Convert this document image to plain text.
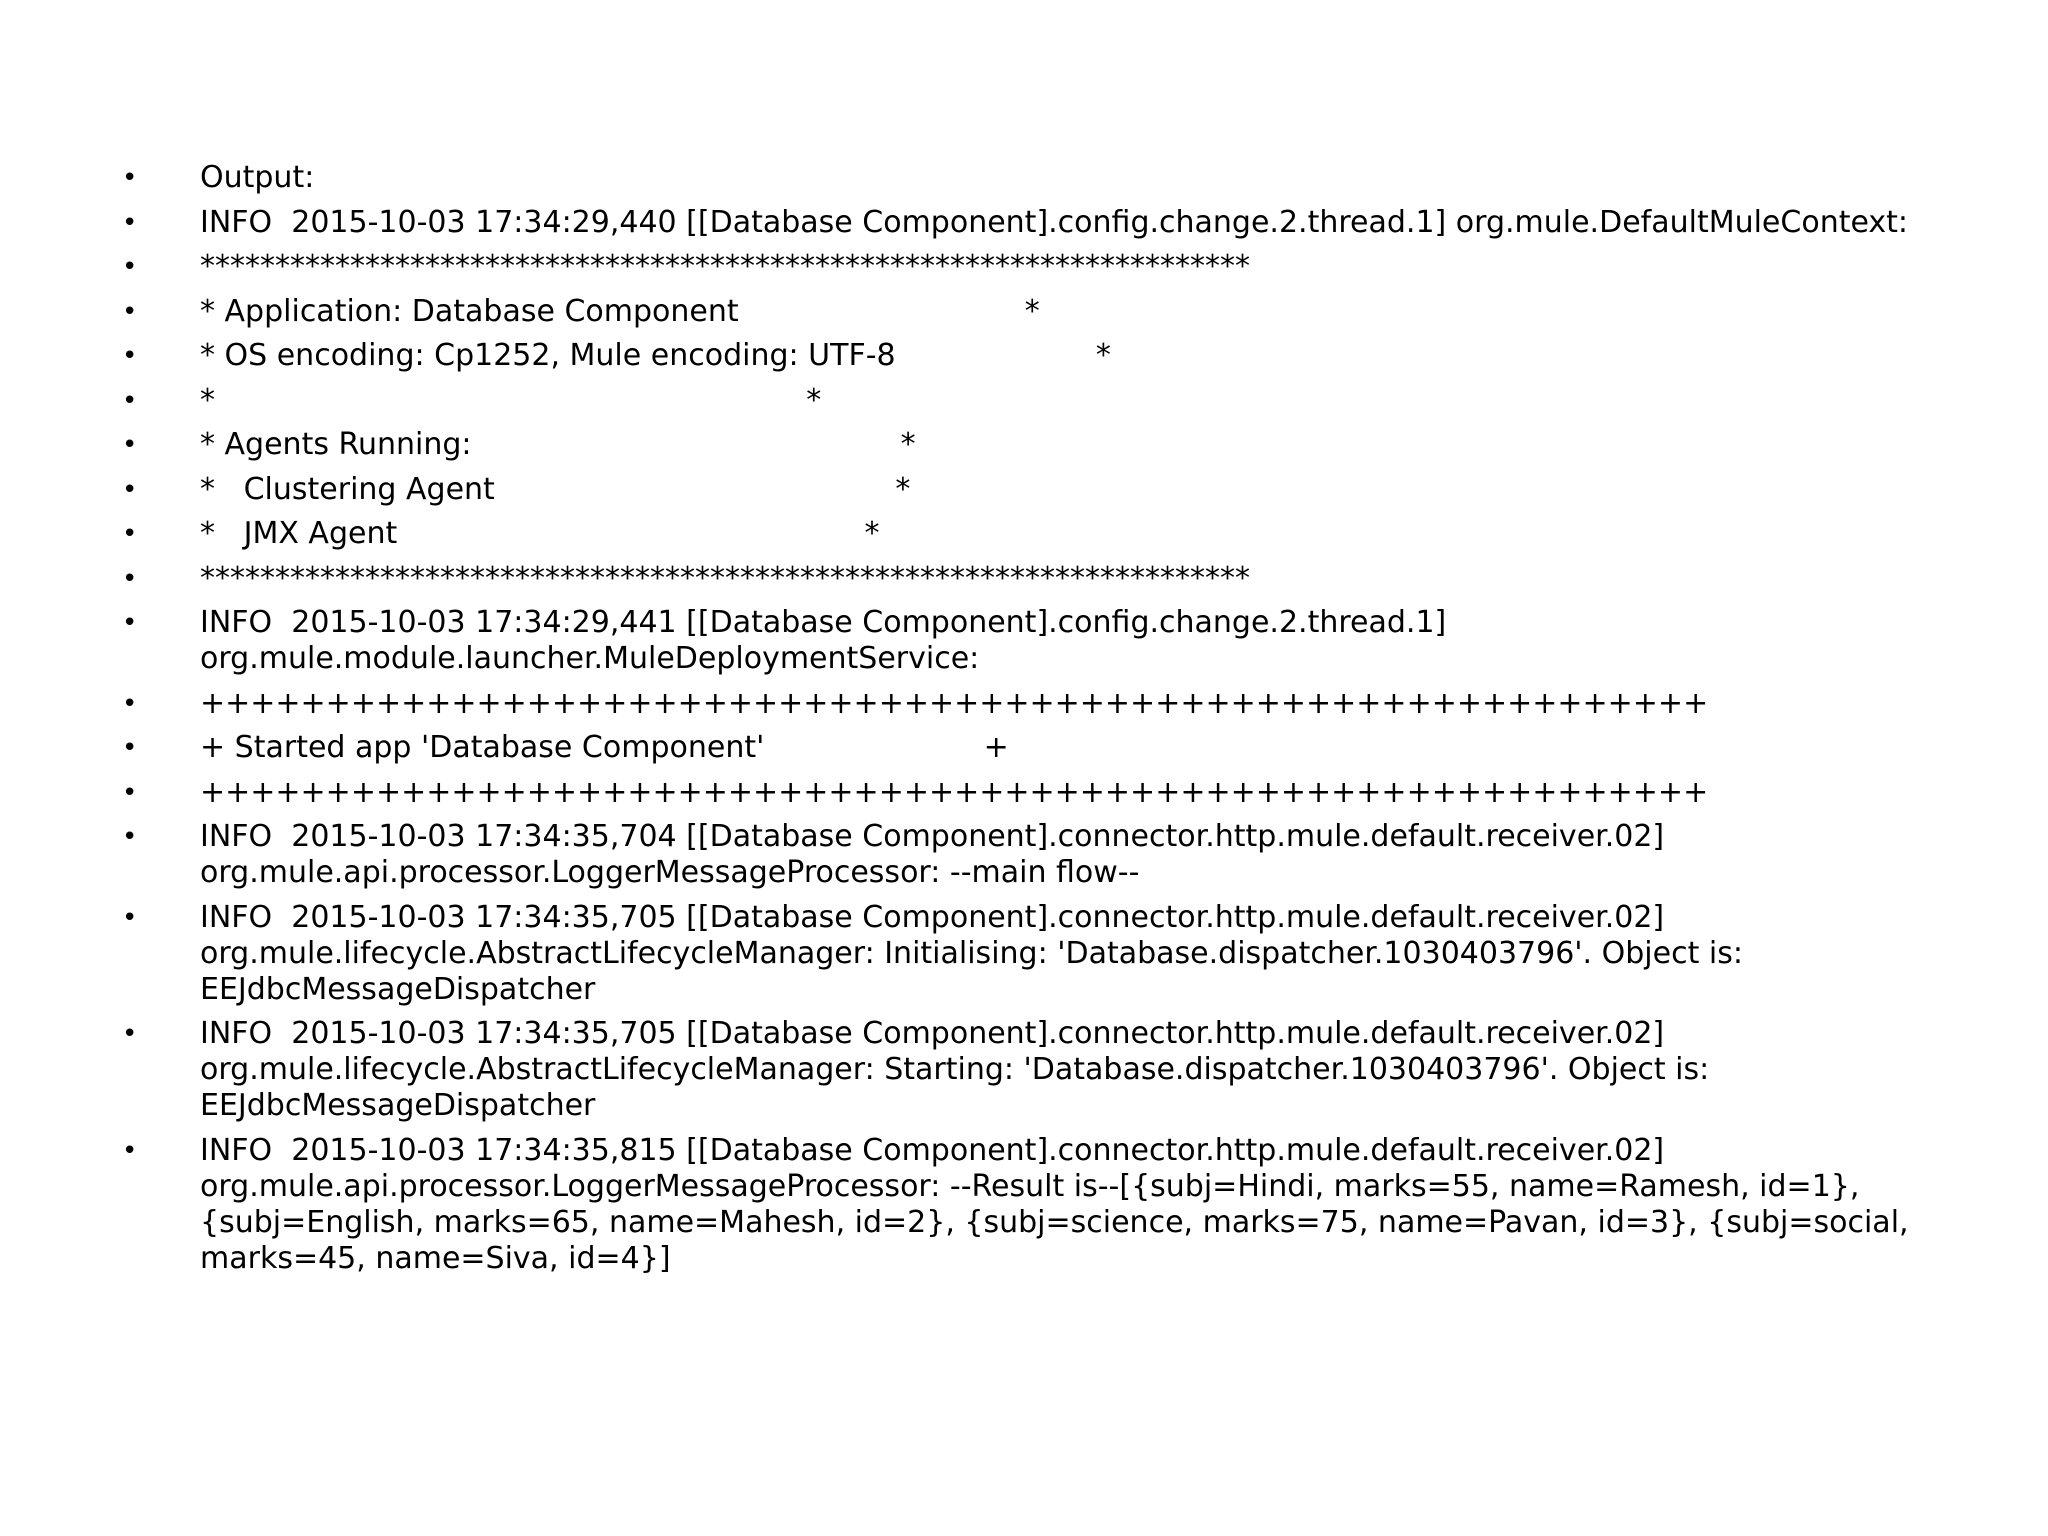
• Output:
• INFO  2015-10-03 17:34:29,440 [[Database Component].config.change.2.thread.1] org.mule.DefaultMuleContext:
• **********************************************************************
• * Application: Database Component                              *
• * OS encoding: Cp1252, Mule encoding: UTF-8                     *
• *                                                              *
• * Agents Running:                                             *
• *   Clustering Agent                                          *
• *   JMX Agent                                                 *
• **********************************************************************
• INFO  2015-10-03 17:34:29,441 [[Database Component].config.change.2.thread.1] org.mule.module.launcher.MuleDeploymentService:
• ++++++++++++++++++++++++++++++++++++++++++++++++++++++++++++
• + Started app 'Database Component'                       +
• ++++++++++++++++++++++++++++++++++++++++++++++++++++++++++++
• INFO  2015-10-03 17:34:35,704 [[Database Component].connector.http.mule.default.receiver.02] org.mule.api.processor.LoggerMessageProcessor: --main flow--
• INFO  2015-10-03 17:34:35,705 [[Database Component].connector.http.mule.default.receiver.02] org.mule.lifecycle.AbstractLifecycleManager: Initialising: 'Database.dispatcher.1030403796'. Object is: EEJdbcMessageDispatcher
• INFO  2015-10-03 17:34:35,705 [[Database Component].connector.http.mule.default.receiver.02] org.mule.lifecycle.AbstractLifecycleManager: Starting: 'Database.dispatcher.1030403796'. Object is: EEJdbcMessageDispatcher
• INFO  2015-10-03 17:34:35,815 [[Database Component].connector.http.mule.default.receiver.02] org.mule.api.processor.LoggerMessageProcessor: --Result is--[{subj=Hindi, marks=55, name=Ramesh, id=1}, {subj=English, marks=65, name=Mahesh, id=2}, {subj=science, marks=75, name=Pavan, id=3}, {subj=social, marks=45, name=Siva, id=4}]
